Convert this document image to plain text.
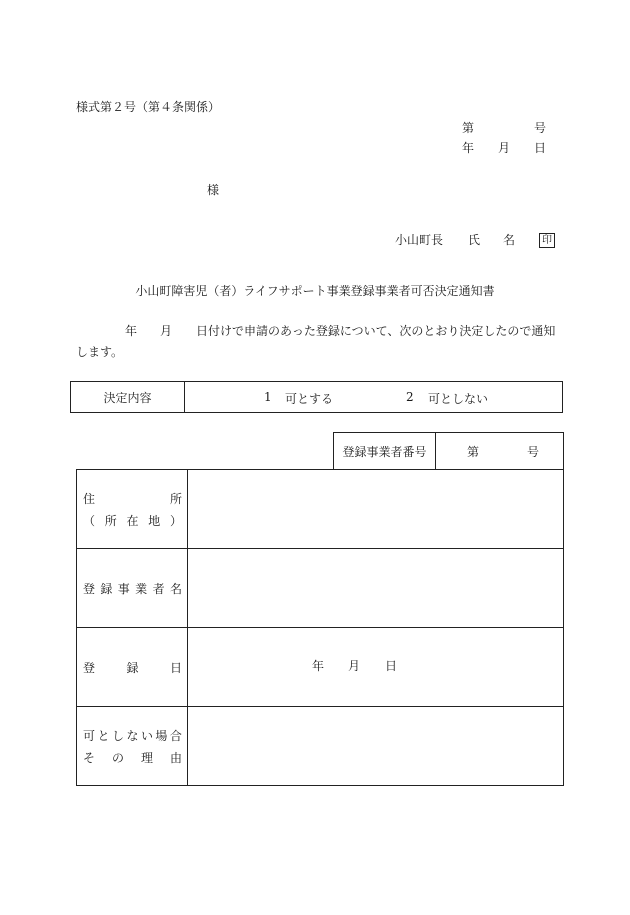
様式第２号（第４条関係）
第	号
年 月 日
様
小山町長 氏 名	印
小山町障害児（者）ライフサポート事業登録事業者可否決定通知書
年 月 日付けで申請のあった登録について、次のとおり決定したので通知
します。
決定内容	1 可とする	2 可としない
登録事業者番号	第	号
住	所
（ 所 在 地 ）
登 録 事 業 者 名
登	録	日	年 月 日
可 と し な い 場 合
そ の 理 由
